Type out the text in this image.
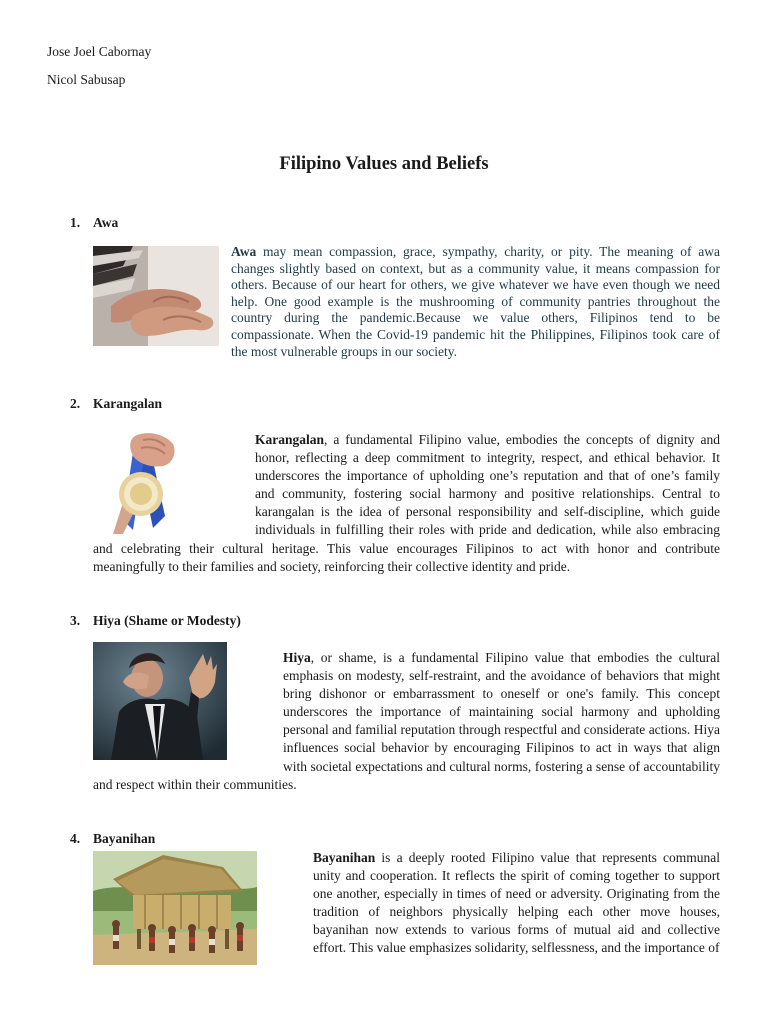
Jose Joel Cabornay
Nicol Sabusap
Filipino Values and Beliefs
1. Awa

Awa may mean compassion, grace, sympathy, charity, or pity. The meaning of awa changes slightly based on context, but as a community value, it means compassion for others. Because of our heart for others, we give whatever we have even though we need help. One good example is the mushrooming of community pantries throughout the country during the pandemic.Because we value others, Filipinos tend to be compassionate. When the Covid-19 pandemic hit the Philippines, Filipinos took care of the most vulnerable groups in our society.

2. Karangalan

Karangalan, a fundamental Filipino value, embodies the concepts of dignity and honor, reflecting a deep commitment to integrity, respect, and ethical behavior. It underscores the importance of upholding one’s reputation and that of one’s family and community, fostering social harmony and positive relationships. Central to karangalan is the idea of personal responsibility and self-discipline, which guide individuals in fulfilling their roles with pride and dedication, while also embracing and celebrating their cultural heritage. This value encourages Filipinos to act with honor and contribute meaningfully to their families and society, reinforcing their collective identity and pride.

3. Hiya (Shame or Modesty)

Hiya, or shame, is a fundamental Filipino value that embodies the cultural emphasis on modesty, self-restraint, and the avoidance of behaviors that might bring dishonor or embarrassment to oneself or one's family. This concept underscores the importance of maintaining social harmony and upholding personal and familial reputation through respectful and considerate actions. Hiya influences social behavior by encouraging Filipinos to act in ways that align with societal expectations and cultural norms, fostering a sense of accountability and respect within their communities.

4. Bayanihan

Bayanihan is a deeply rooted Filipino value that represents communal unity and cooperation. It reflects the spirit of coming together to support one another, especially in times of need or adversity. Originating from the tradition of neighbors physically helping each other move houses, bayanihan now extends to various forms of mutual aid and collective effort. This value emphasizes solidarity, selflessness, and the importance of
